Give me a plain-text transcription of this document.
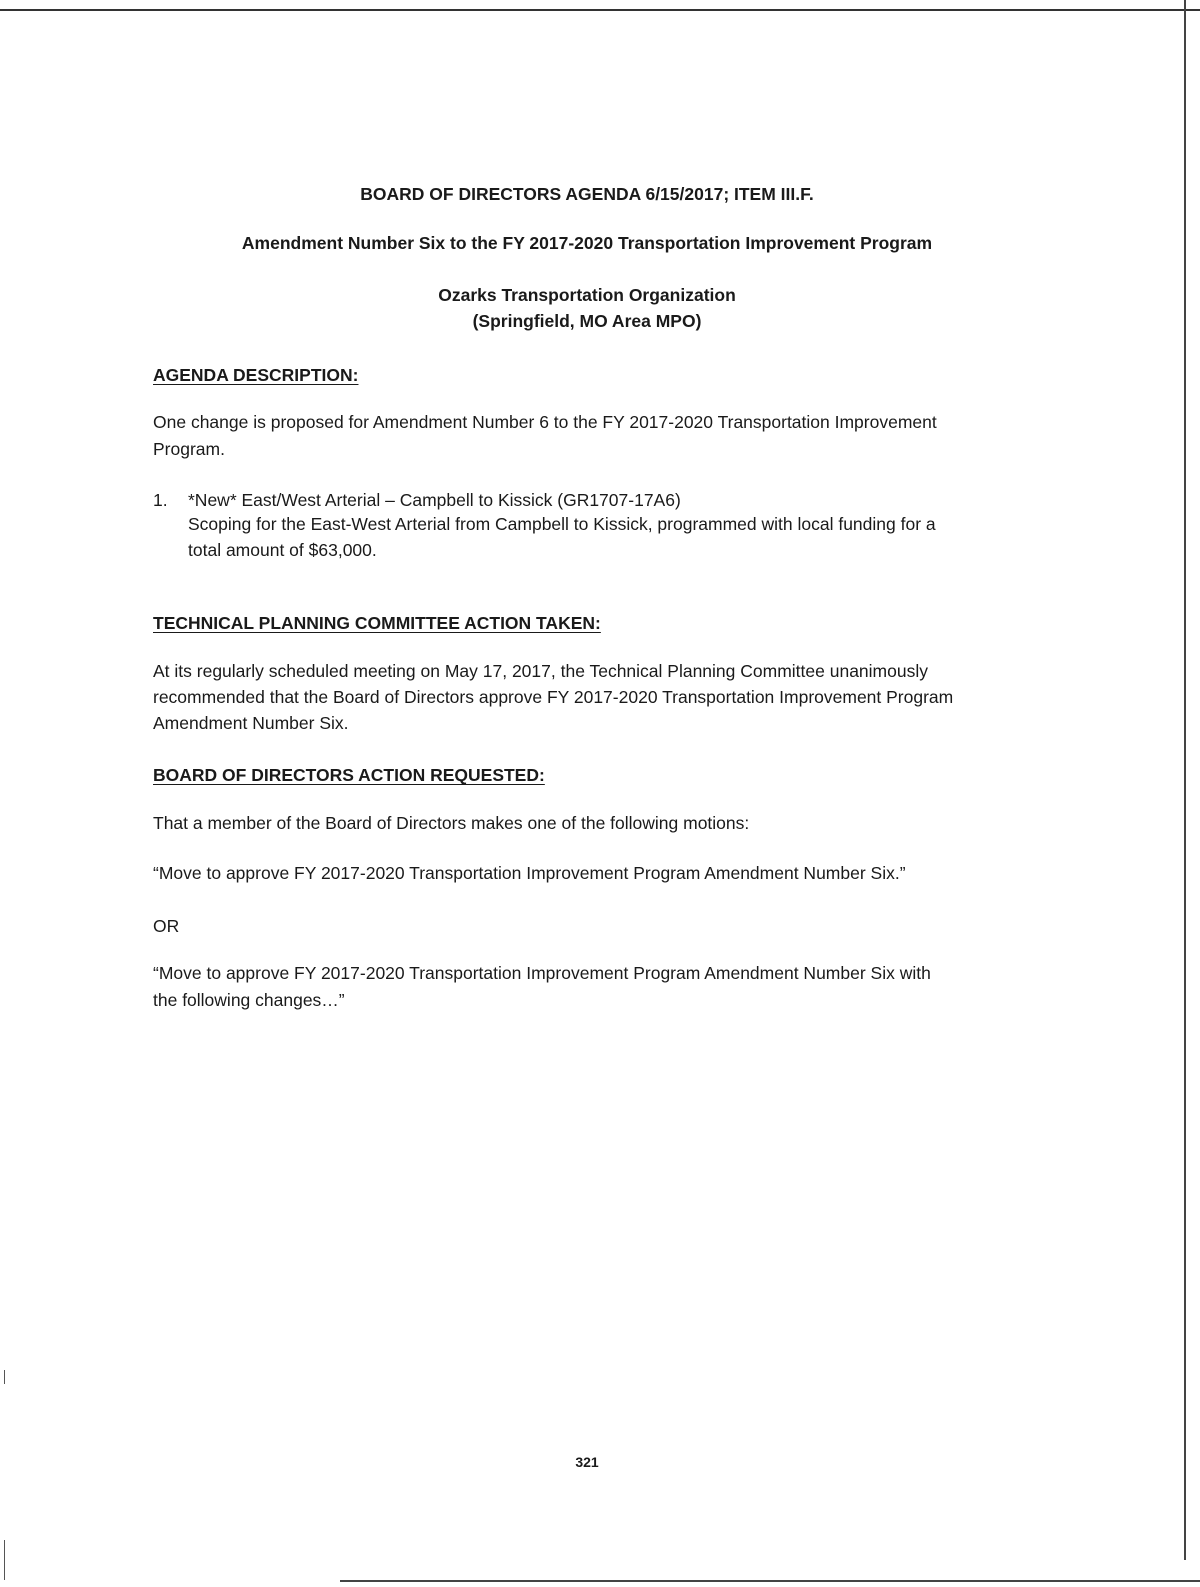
BOARD OF DIRECTORS AGENDA 6/15/2017; ITEM III.F.
Amendment Number Six to the FY 2017-2020 Transportation Improvement Program
Ozarks Transportation Organization
(Springfield, MO Area MPO)
AGENDA DESCRIPTION:
One change is proposed for Amendment Number 6 to the FY 2017-2020 Transportation Improvement
Program.
1. *New* East/West Arterial – Campbell to Kissick (GR1707-17A6)
Scoping for the East-West Arterial from Campbell to Kissick, programmed with local funding for a
total amount of $63,000.
TECHNICAL PLANNING COMMITTEE ACTION TAKEN:
At its regularly scheduled meeting on May 17, 2017, the Technical Planning Committee unanimously
recommended that the Board of Directors approve FY 2017-2020 Transportation Improvement Program
Amendment Number Six.
BOARD OF DIRECTORS ACTION REQUESTED:
That a member of the Board of Directors makes one of the following motions:
“Move to approve FY 2017-2020 Transportation Improvement Program Amendment Number Six.”
OR
“Move to approve FY 2017-2020 Transportation Improvement Program Amendment Number Six with
the following changes…”
321
